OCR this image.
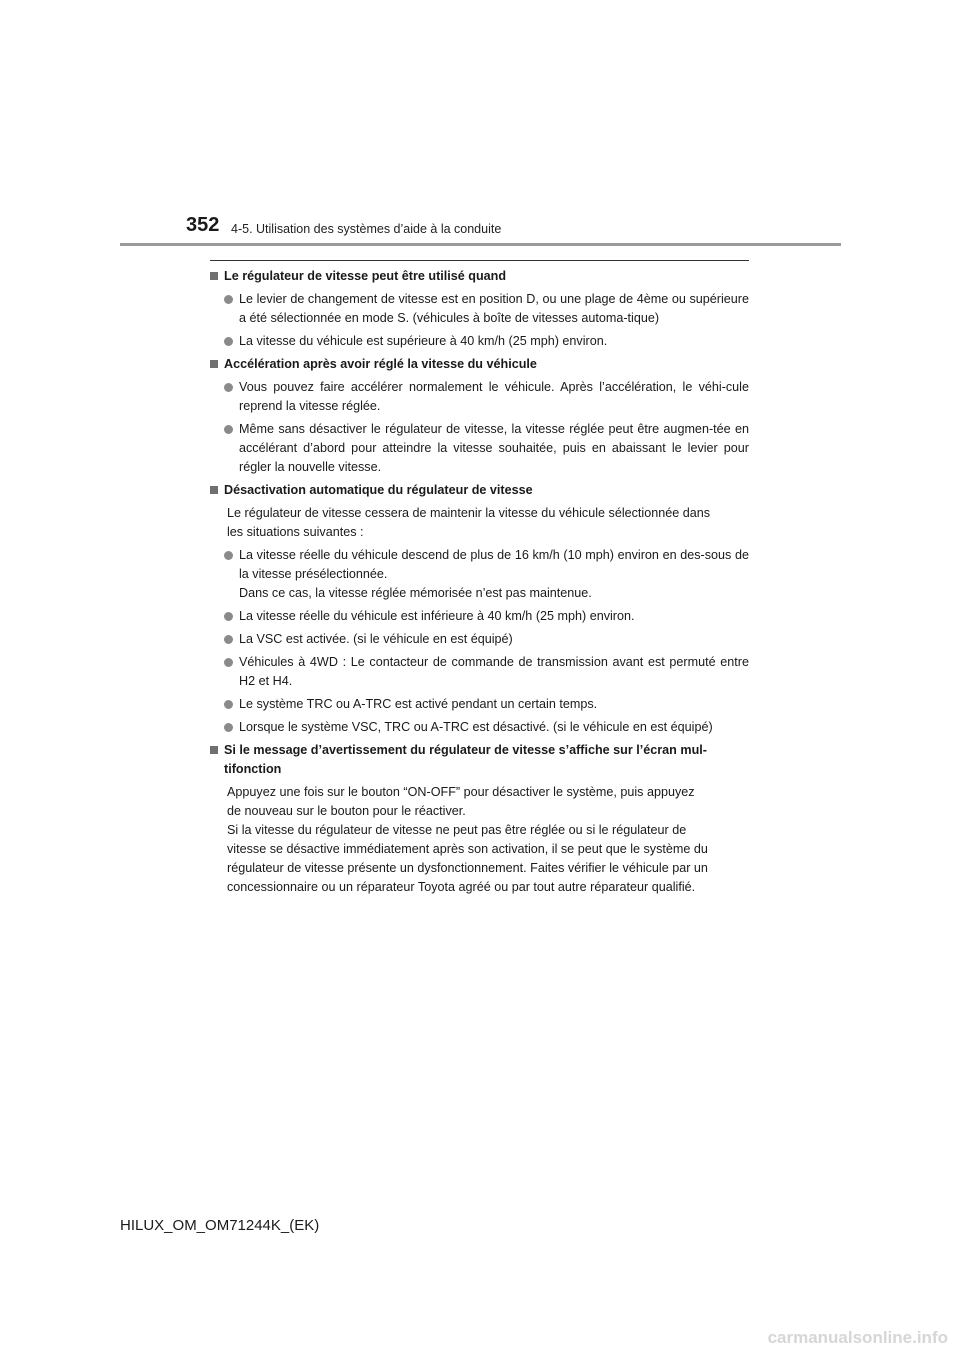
352 4-5. Utilisation des systèmes d’aide à la conduite
Le régulateur de vitesse peut être utilisé quand
Le levier de changement de vitesse est en position D, ou une plage de 4ème ou supérieure a été sélectionnée en mode S. (véhicules à boîte de vitesses automa-tique)
La vitesse du véhicule est supérieure à 40 km/h (25 mph) environ.
Accélération après avoir réglé la vitesse du véhicule
Vous pouvez faire accélérer normalement le véhicule. Après l’accélération, le véhi-cule reprend la vitesse réglée.
Même sans désactiver le régulateur de vitesse, la vitesse réglée peut être augmen-tée en accélérant d’abord pour atteindre la vitesse souhaitée, puis en abaissant le levier pour régler la nouvelle vitesse.
Désactivation automatique du régulateur de vitesse
Le régulateur de vitesse cessera de maintenir la vitesse du véhicule sélectionnée dans
les situations suivantes :
La vitesse réelle du véhicule descend de plus de 16 km/h (10 mph) environ en des-sous de la vitesse présélectionnée.
Dans ce cas, la vitesse réglée mémorisée n’est pas maintenue.
La vitesse réelle du véhicule est inférieure à 40 km/h (25 mph) environ.
La VSC est activée. (si le véhicule en est équipé)
Véhicules à 4WD : Le contacteur de commande de transmission avant est permuté entre H2 et H4.
Le système TRC ou A-TRC est activé pendant un certain temps.
Lorsque le système VSC, TRC ou A-TRC est désactivé. (si le véhicule en est équipé)
Si le message d’avertissement du régulateur de vitesse s’affiche sur l’écran mul-tifonction
Appuyez une fois sur le bouton “ON-OFF” pour désactiver le système, puis appuyez
de nouveau sur le bouton pour le réactiver.
Si la vitesse du régulateur de vitesse ne peut pas être réglée ou si le régulateur de
vitesse se désactive immédiatement après son activation, il se peut que le système du
régulateur de vitesse présente un dysfonctionnement. Faites vérifier le véhicule par un
concessionnaire ou un réparateur Toyota agréé ou par tout autre réparateur qualifié.
HILUX_OM_OM71244K_(EK)
carmanualsonline.info
